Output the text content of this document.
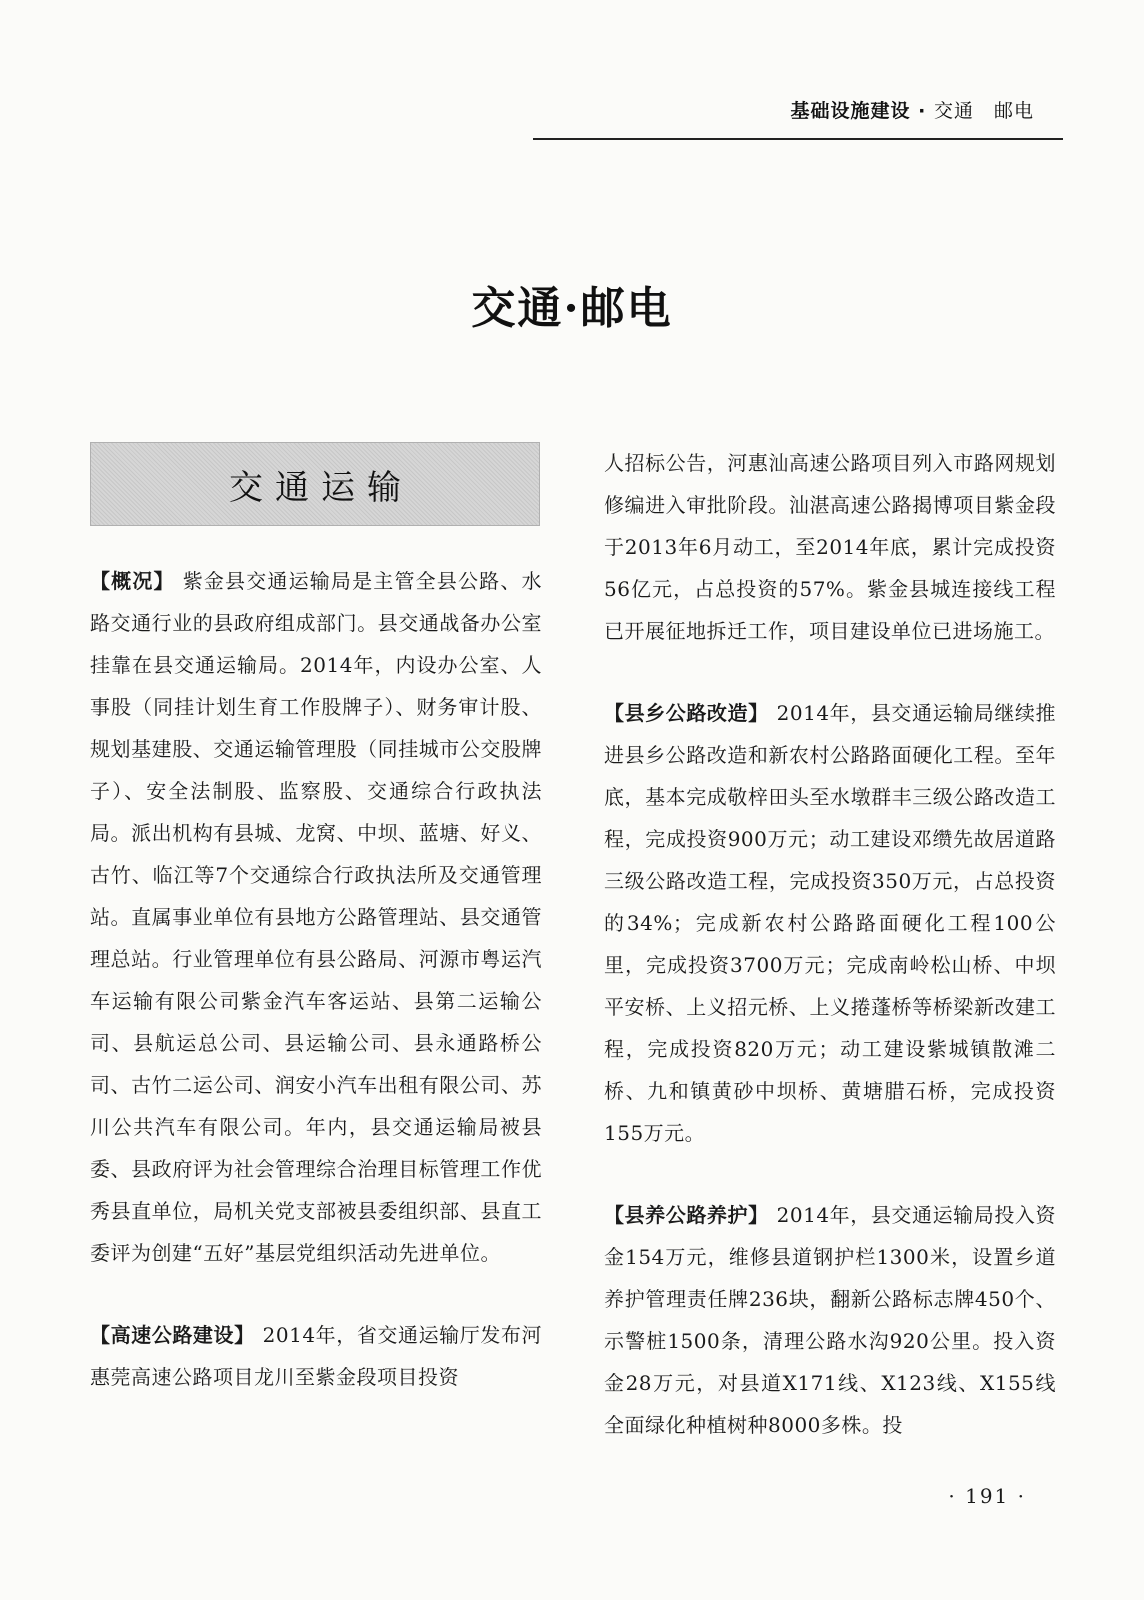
基础设施建设 · 交通　邮电
交通·邮电
交通运输

【概况】 紫金县交通运输局是主管全县公路、水路交通行业的县政府组成部门。县交通战备办公室挂靠在县交通运输局。2014年，内设办公室、人事股（同挂计划生育工作股牌子）、财务审计股、规划基建股、交通运输管理股（同挂城市公交股牌子）、安全法制股、监察股、交通综合行政执法局。派出机构有县城、龙窝、中坝、蓝塘、好义、古竹、临江等7个交通综合行政执法所及交通管理站。直属事业单位有县地方公路管理站、县交通管理总站。行业管理单位有县公路局、河源市粤运汽车运输有限公司紫金汽车客运站、县第二运输公司、县航运总公司、县运输公司、县永通路桥公司、古竹二运公司、润安小汽车出租有限公司、苏川公共汽车有限公司。年内，县交通运输局被县委、县政府评为社会管理综合治理目标管理工作优秀县直单位，局机关党支部被县委组织部、县直工委评为创建“五好”基层党组织活动先进单位。

【高速公路建设】 2014年，省交通运输厅发布河惠莞高速公路项目龙川至紫金段项目投资

人招标公告，河惠汕高速公路项目列入市路网规划修编进入审批阶段。汕湛高速公路揭博项目紫金段于2013年6月动工，至2014年底，累计完成投资56亿元，占总投资的57%。紫金县城连接线工程已开展征地拆迁工作，项目建设单位已进场施工。

【县乡公路改造】 2014年，县交通运输局继续推进县乡公路改造和新农村公路路面硬化工程。至年底，基本完成敬梓田头至水墩群丰三级公路改造工程，完成投资900万元；动工建设邓缵先故居道路三级公路改造工程，完成投资350万元，占总投资的34%；完成新农村公路路面硬化工程100公里，完成投资3700万元；完成南岭松山桥、中坝平安桥、上义招元桥、上义捲蓬桥等桥梁新改建工程，完成投资820万元；动工建设紫城镇散滩二桥、九和镇黄砂中坝桥、黄塘腊石桥，完成投资155万元。

【县养公路养护】 2014年，县交通运输局投入资金154万元，维修县道钢护栏1300米，设置乡道养护管理责任牌236块，翻新公路标志牌450个、示警桩1500条，清理公路水沟920公里。投入资金28万元，对县道X171线、X123线、X155线全面绿化种植树种8000多株。投

· 191 ·
